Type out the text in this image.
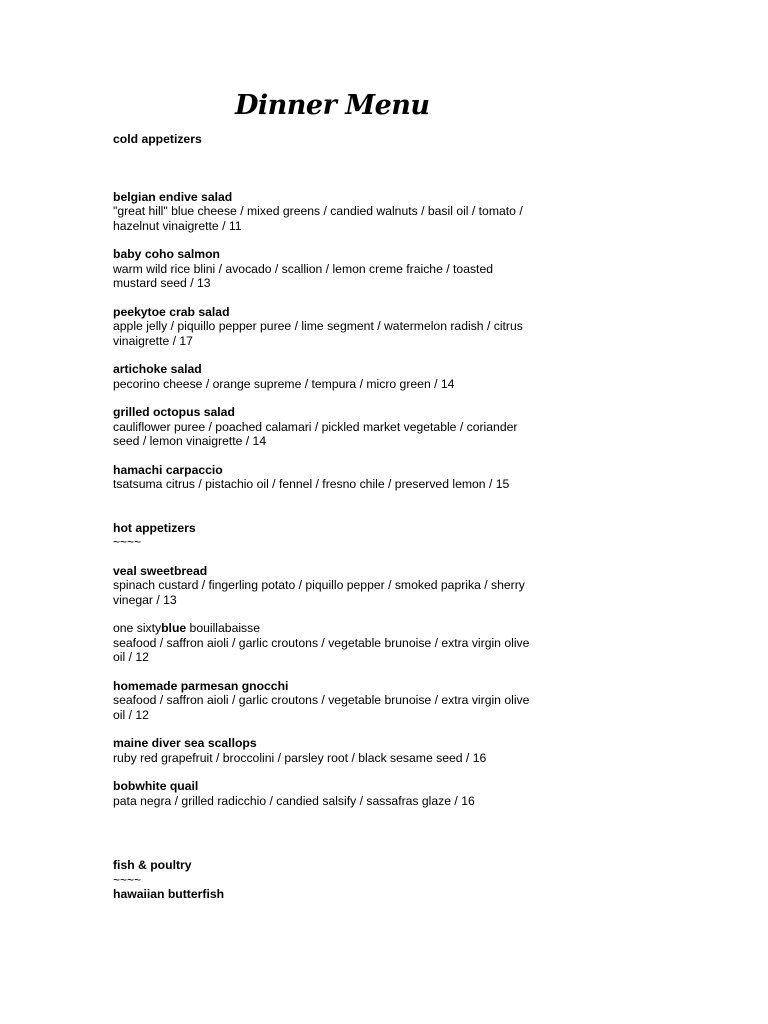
Dinner Menu
cold appetizers
belgian endive salad
"great hill" blue cheese / mixed greens / candied walnuts / basil oil / tomato / hazelnut vinaigrette / 11
baby coho salmon
warm wild rice blini / avocado / scallion / lemon creme fraiche / toasted mustard seed / 13
peekytoe crab salad
apple jelly / piquillo pepper puree / lime segment / watermelon radish / citrus vinaigrette / 17
artichoke salad
pecorino cheese / orange supreme / tempura / micro green / 14
grilled octopus salad
cauliflower puree / poached calamari / pickled market vegetable / coriander seed / lemon vinaigrette / 14
hamachi carpaccio
tsatsuma citrus / pistachio oil / fennel / fresno chile / preserved lemon / 15
hot appetizers
~~~~
veal sweetbread
spinach custard / fingerling potato / piquillo pepper / smoked paprika / sherry vinegar / 13
one sixtyblue bouillabaisse
seafood / saffron aioli / garlic croutons / vegetable brunoise / extra virgin olive oil / 12
homemade parmesan gnocchi
seafood / saffron aioli / garlic croutons / vegetable brunoise / extra virgin olive oil / 12
maine diver sea scallops
ruby red grapefruit / broccolini / parsley root / black sesame seed / 16
bobwhite quail
pata negra / grilled radicchio / candied salsify / sassafras glaze / 16
fish & poultry
~~~~
hawaiian butterfish
